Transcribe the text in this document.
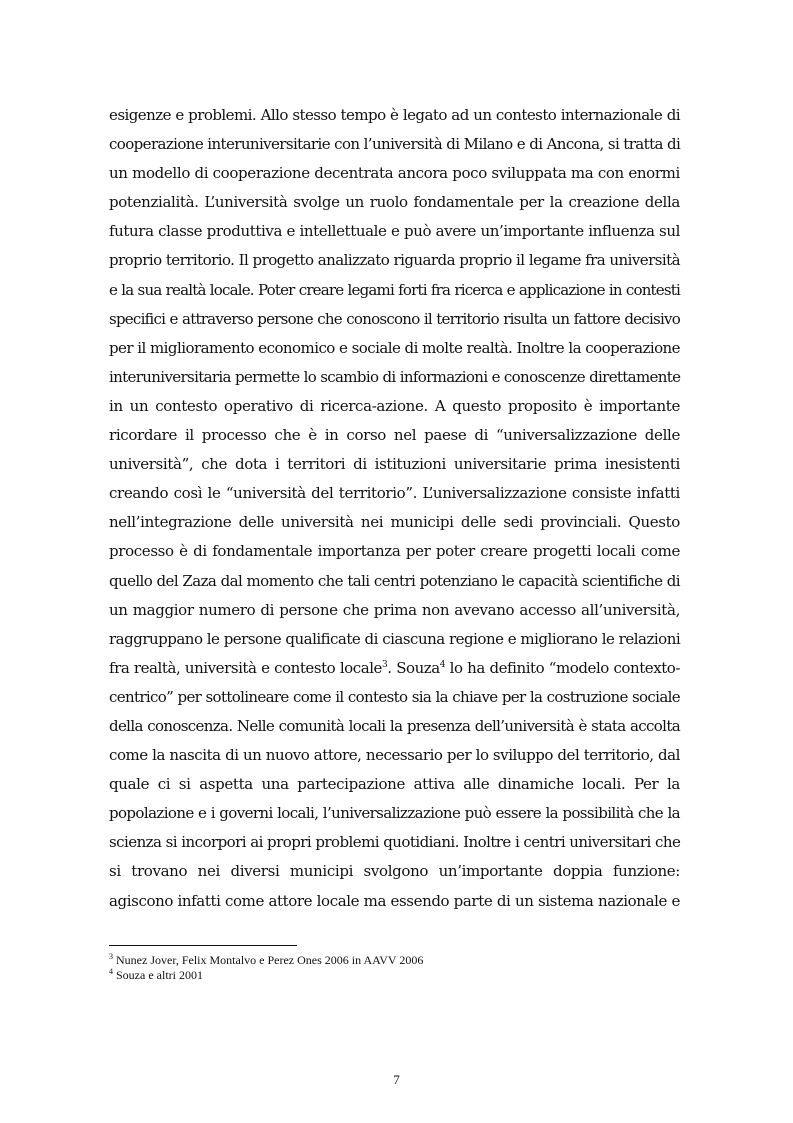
esigenze e problemi. Allo stesso tempo è legato ad un contesto internazionale di
cooperazione interuniversitarie con l’università di Milano e di Ancona, si tratta di
un modello di cooperazione decentrata ancora poco sviluppata ma con enormi
potenzialità. L’università svolge un ruolo fondamentale per la creazione della
futura classe produttiva e intellettuale e può avere un’importante influenza sul
proprio territorio. Il progetto analizzato riguarda proprio il legame fra università
e la sua realtà locale. Poter creare legami forti fra ricerca e applicazione in contesti
specifici e attraverso persone che conoscono il territorio risulta un fattore decisivo
per il miglioramento economico e sociale di molte realtà. Inoltre la cooperazione
interuniversitaria permette lo scambio di informazioni e conoscenze direttamente
in un contesto operativo di ricerca-azione. A questo proposito è importante
ricordare il processo che è in corso nel paese di “universalizzazione delle
università”, che dota i territori di istituzioni universitarie prima inesistenti
creando così le “università del territorio”. L’universalizzazione consiste infatti
nell’integrazione delle università nei municipi delle sedi provinciali. Questo
processo è di fondamentale importanza per poter creare progetti locali come
quello del Zaza dal momento che tali centri potenziano le capacità scientifiche di
un maggior numero di persone che prima non avevano accesso all’università,
raggruppano le persone qualificate di ciascuna regione e migliorano le relazioni
fra realtà, università e contesto locale$^3$. Souza$^4$ lo ha definito “modelo contexto-
centrico” per sottolineare come il contesto sia la chiave per la costruzione sociale
della conoscenza. Nelle comunità locali la presenza dell’università è stata accolta
come la nascita di un nuovo attore, necessario per lo sviluppo del territorio, dal
quale ci si aspetta una partecipazione attiva alle dinamiche locali. Per la
popolazione e i governi locali, l’universalizzazione può essere la possibilità che la
scienza si incorpori ai propri problemi quotidiani. Inoltre i centri universitari che
si trovano nei diversi municipi svolgono un’importante doppia funzione:
agiscono infatti come attore locale ma essendo parte di un sistema nazionale e
$^3$ Nunez Jover, Felix Montalvo e Perez Ones 2006 in AAVV 2006
$^4$ Souza e altri 2001
7
